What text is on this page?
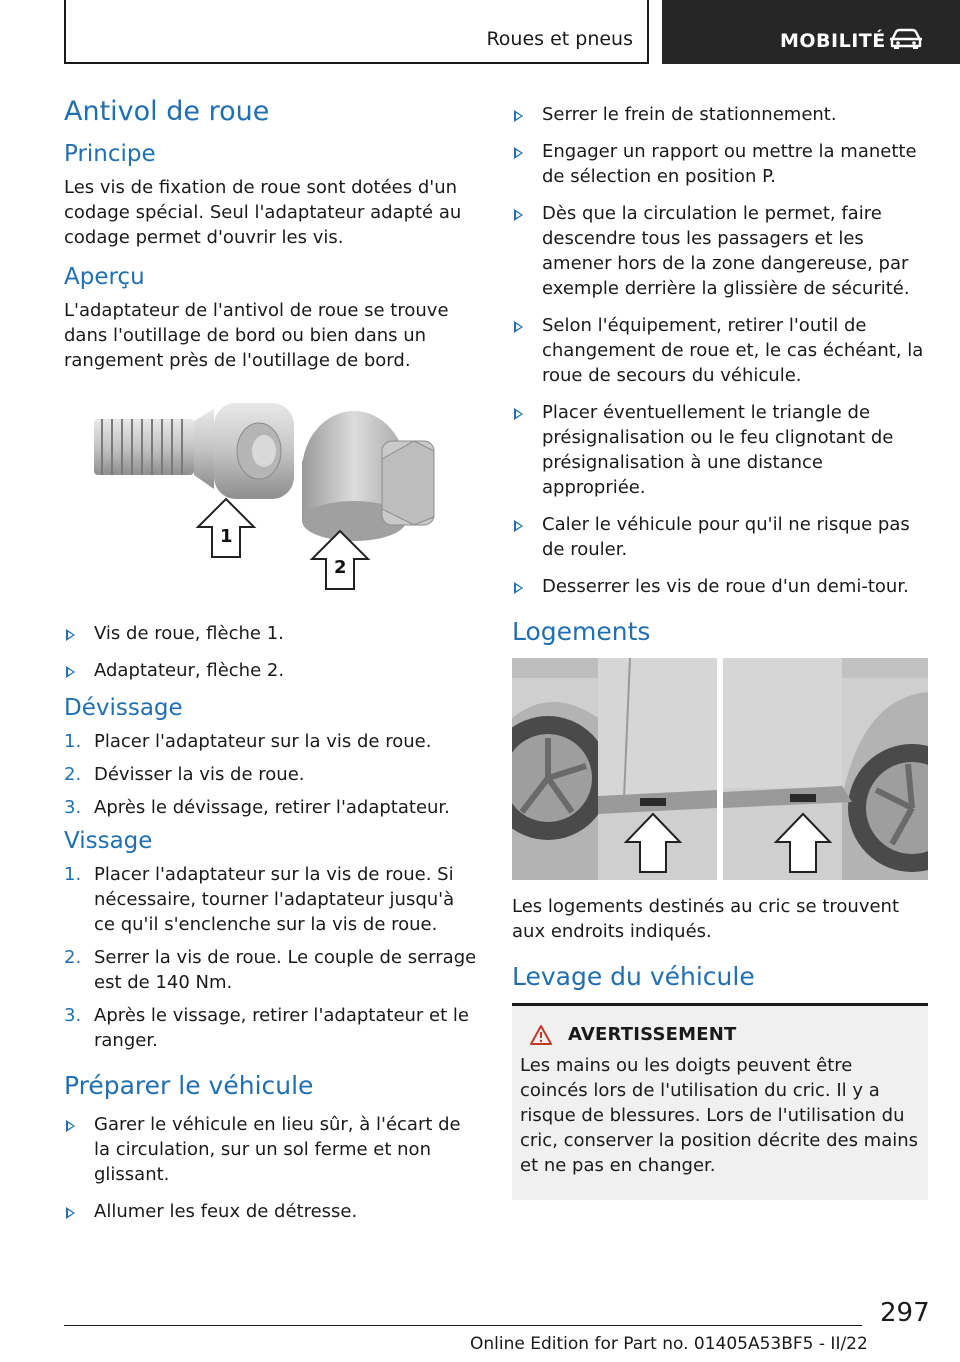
Roues et pneus	MOBILITÉ
Antivol de roue
Principe

Les vis de fixation de roue sont dotées d'un codage spécial. Seul l'adaptateur adapté au codage permet d'ouvrir les vis.

Aperçu

L'adaptateur de l'antivol de roue se trouve dans l'outillage de bord ou bien dans un rangement près de l'outillage de bord.

1
2
Vis de roue, flèche 1.
Adaptateur, flèche 2.
Dévissage
1. Placer l'adaptateur sur la vis de roue.
2. Dévisser la vis de roue.
3. Après le dévissage, retirer l'adaptateur.
Vissage
1. Placer l'adaptateur sur la vis de roue. Si nécessaire, tourner l'adaptateur jusqu'à ce qu'il s'enclenche sur la vis de roue.
2. Serrer la vis de roue. Le couple de serrage est de 140 Nm.
3. Après le vissage, retirer l'adaptateur et le ranger.
Préparer le véhicule
Garer le véhicule en lieu sûr, à l'écart de la circulation, sur un sol ferme et non glissant.
Allumer les feux de détresse.
Serrer le frein de stationnement.
Engager un rapport ou mettre la manette de sélection en position P.
Dès que la circulation le permet, faire descendre tous les passagers et les amener hors de la zone dangereuse, par exemple derrière la glissière de sécurité.
Selon l'équipement, retirer l'outil de changement de roue et, le cas échéant, la roue de secours du véhicule.
Placer éventuellement le triangle de présignalisation ou le feu clignotant de présignalisation à une distance appropriée.
Caler le véhicule pour qu'il ne risque pas de rouler.
Desserrer les vis de roue d'un demi-tour.
Logements

Les logements destinés au cric se trouvent aux endroits indiqués.

Levage du véhicule
AVERTISSEMENT

Les mains ou les doigts peuvent être coincés lors de l'utilisation du cric. Il y a risque de blessures. Lors de l'utilisation du cric, conserver la position décrite des mains et ne pas en changer.

297
Online Edition for Part no. 01405A53BF5 - II/22
